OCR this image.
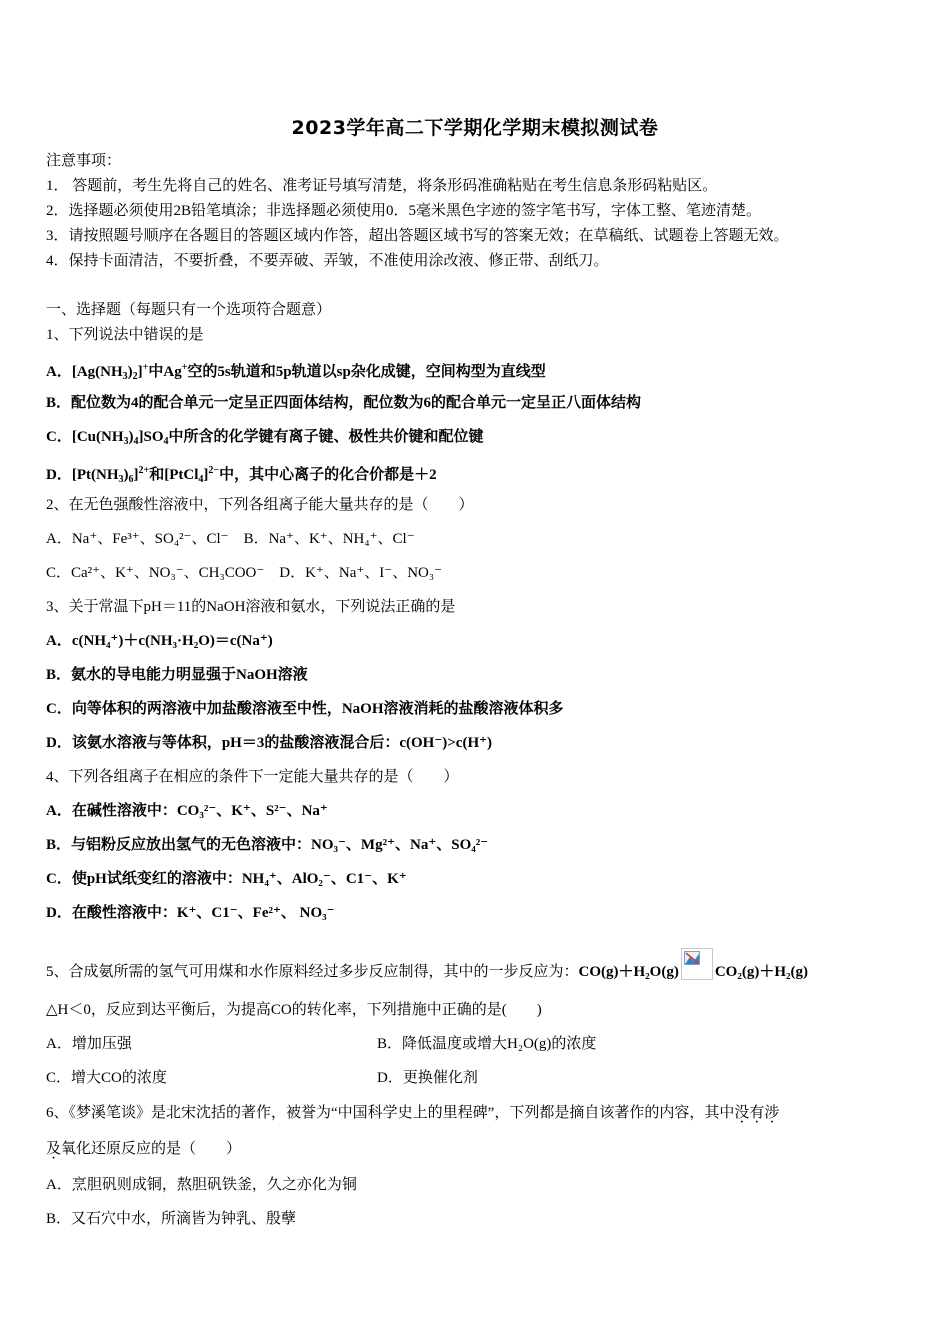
2023学年高二下学期化学期末模拟测试卷
注意事项：
1． 答题前，考生先将自己的姓名、准考证号填写清楚，将条形码准确粘贴在考生信息条形码粘贴区。
2．选择题必须使用2B铅笔填涂；非选择题必须使用0．5毫米黑色字迹的签字笔书写，字体工整、笔迹清楚。
3．请按照题号顺序在各题目的答题区域内作答，超出答题区域书写的答案无效；在草稿纸、试题卷上答题无效。
4．保持卡面清洁，不要折叠，不要弄破、弄皱，不准使用涂改液、修正带、刮纸刀。
一、选择题（每题只有一个选项符合题意）
1、下列说法中错误的是
A．$[Ag(NH_3)_2]^+$中Ag+空的5s轨道和5p轨道以sp杂化成键，空间构型为直线型
B．配位数为4的配合单元一定呈正四面体结构，配位数为6的配合单元一定呈正八面体结构
C．$[Cu(NH_3)_4]SO_4$中所含的化学键有离子键、极性共价键和配位键
D．$[Pt(NH_3)_6]^{2+}$和[PtCl$_4$]$^{2-}$中，其中心离子的化合价都是＋2
2、在无色强酸性溶液中，下列各组离子能大量共存的是（　　）
A．Na⁺、Fe³⁺、SO₄²⁻、Cl⁻　B．Na⁺、K⁺、NH₄⁺、Cl⁻
C．Ca²⁺、K⁺、NO₃⁻、CH₃COO⁻　D．K⁺、Na⁺、I⁻、NO₃⁻
3、关于常温下pH＝11的NaOH溶液和氨水，下列说法正确的是
A．c(NH₄⁺)＋c(NH₃·H₂O)＝c(Na⁺)
B．氨水的导电能力明显强于NaOH溶液
C．向等体积的两溶液中加盐酸溶液至中性，NaOH溶液消耗的盐酸溶液体积多
D．该氨水溶液与等体积，pH＝3的盐酸溶液混合后：c(OH⁻)>c(H⁺)
4、下列各组离子在相应的条件下一定能大量共存的是（　　）
A．在碱性溶液中：CO₃²⁻、K⁺、S²⁻、Na⁺
B．与铝粉反应放出氢气的无色溶液中：NO₃⁻、Mg²⁺、Na⁺、SO₄²⁻
C．使pH试纸变红的溶液中：NH₄⁺、AlO₂⁻、C1⁻、K⁺
D．在酸性溶液中：K⁺、C1⁻、Fe²⁺、 NO₃⁻
5、合成氨所需的氢气可用煤和水作原料经过多步反应制得，其中的一步反应为：CO(g)＋H₂O(g) CO₂(g)＋H₂(g)
△H＜0，反应到达平衡后，为提高CO的转化率，下列措施中正确的是(　　)
A．增加压强	B．降低温度或增大H₂O(g)的浓度
C．增大CO的浓度	D．更换催化剂
6、《梦溪笔谈》是北宋沈括的著作，被誉为“中国科学史上的里程碑”，下列都是摘自该著作的内容，其中没有涉
及氧化还原反应的是（　　）
A．烹胆矾则成铜，熬胆矾铁釜，久之亦化为铜
B．又石穴中水，所滴皆为钟乳、殷孽
